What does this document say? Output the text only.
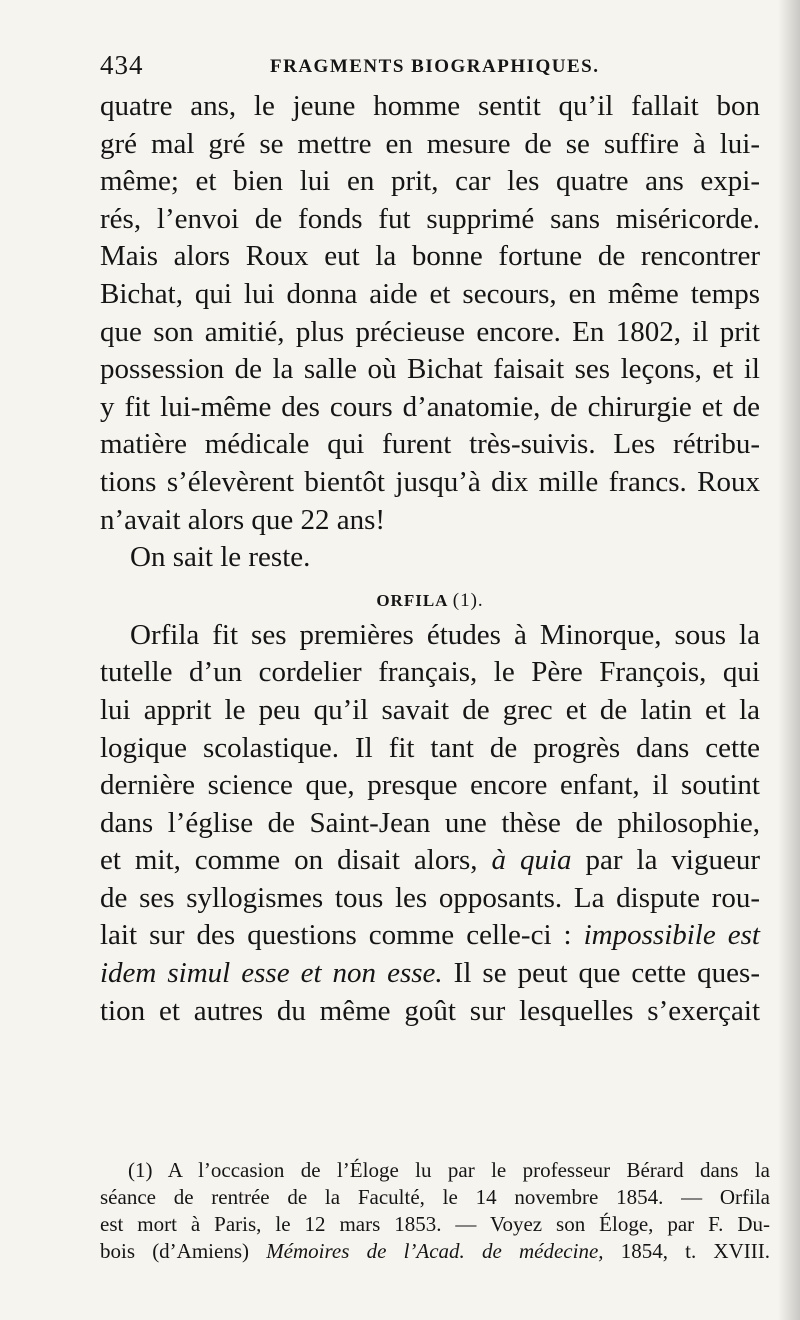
434	FRAGMENTS BIOGRAPHIQUES.
quatre ans, le jeune homme sentit qu’il fallait bon
gré mal gré se mettre en mesure de se suffire à lui-
même; et bien lui en prit, car les quatre ans expi-
rés, l’envoi de fonds fut supprimé sans miséricorde.
Mais alors Roux eut la bonne fortune de rencontrer
Bichat, qui lui donna aide et secours, en même temps
que son amitié, plus précieuse encore. En 1802, il prit
possession de la salle où Bichat faisait ses leçons, et il
y fit lui-même des cours d’anatomie, de chirurgie et de
matière médicale qui furent très-suivis. Les rétribu-
tions s’élevèrent bientôt jusqu’à dix mille francs. Roux
n’avait alors que 22 ans!
On sait le reste.
ORFILA (1).
Orfila fit ses premières études à Minorque, sous la
tutelle d’un cordelier français, le Père François, qui
lui apprit le peu qu’il savait de grec et de latin et la
logique scolastique. Il fit tant de progrès dans cette
dernière science que, presque encore enfant, il soutint
dans l’église de Saint-Jean une thèse de philosophie,
et mit, comme on disait alors, à quia par la vigueur
de ses syllogismes tous les opposants. La dispute rou-
lait sur des questions comme celle-ci : impossibile est
idem simul esse et non esse. Il se peut que cette ques-
tion et autres du même goût sur lesquelles s’exerçait
(1) A l’occasion de l’Éloge lu par le professeur Bérard dans la
séance de rentrée de la Faculté, le 14 novembre 1854. — Orfila
est mort à Paris, le 12 mars 1853. — Voyez son Éloge, par F. Du-
bois (d’Amiens) Mémoires de l’Acad. de médecine, 1854, t. XVIII.
